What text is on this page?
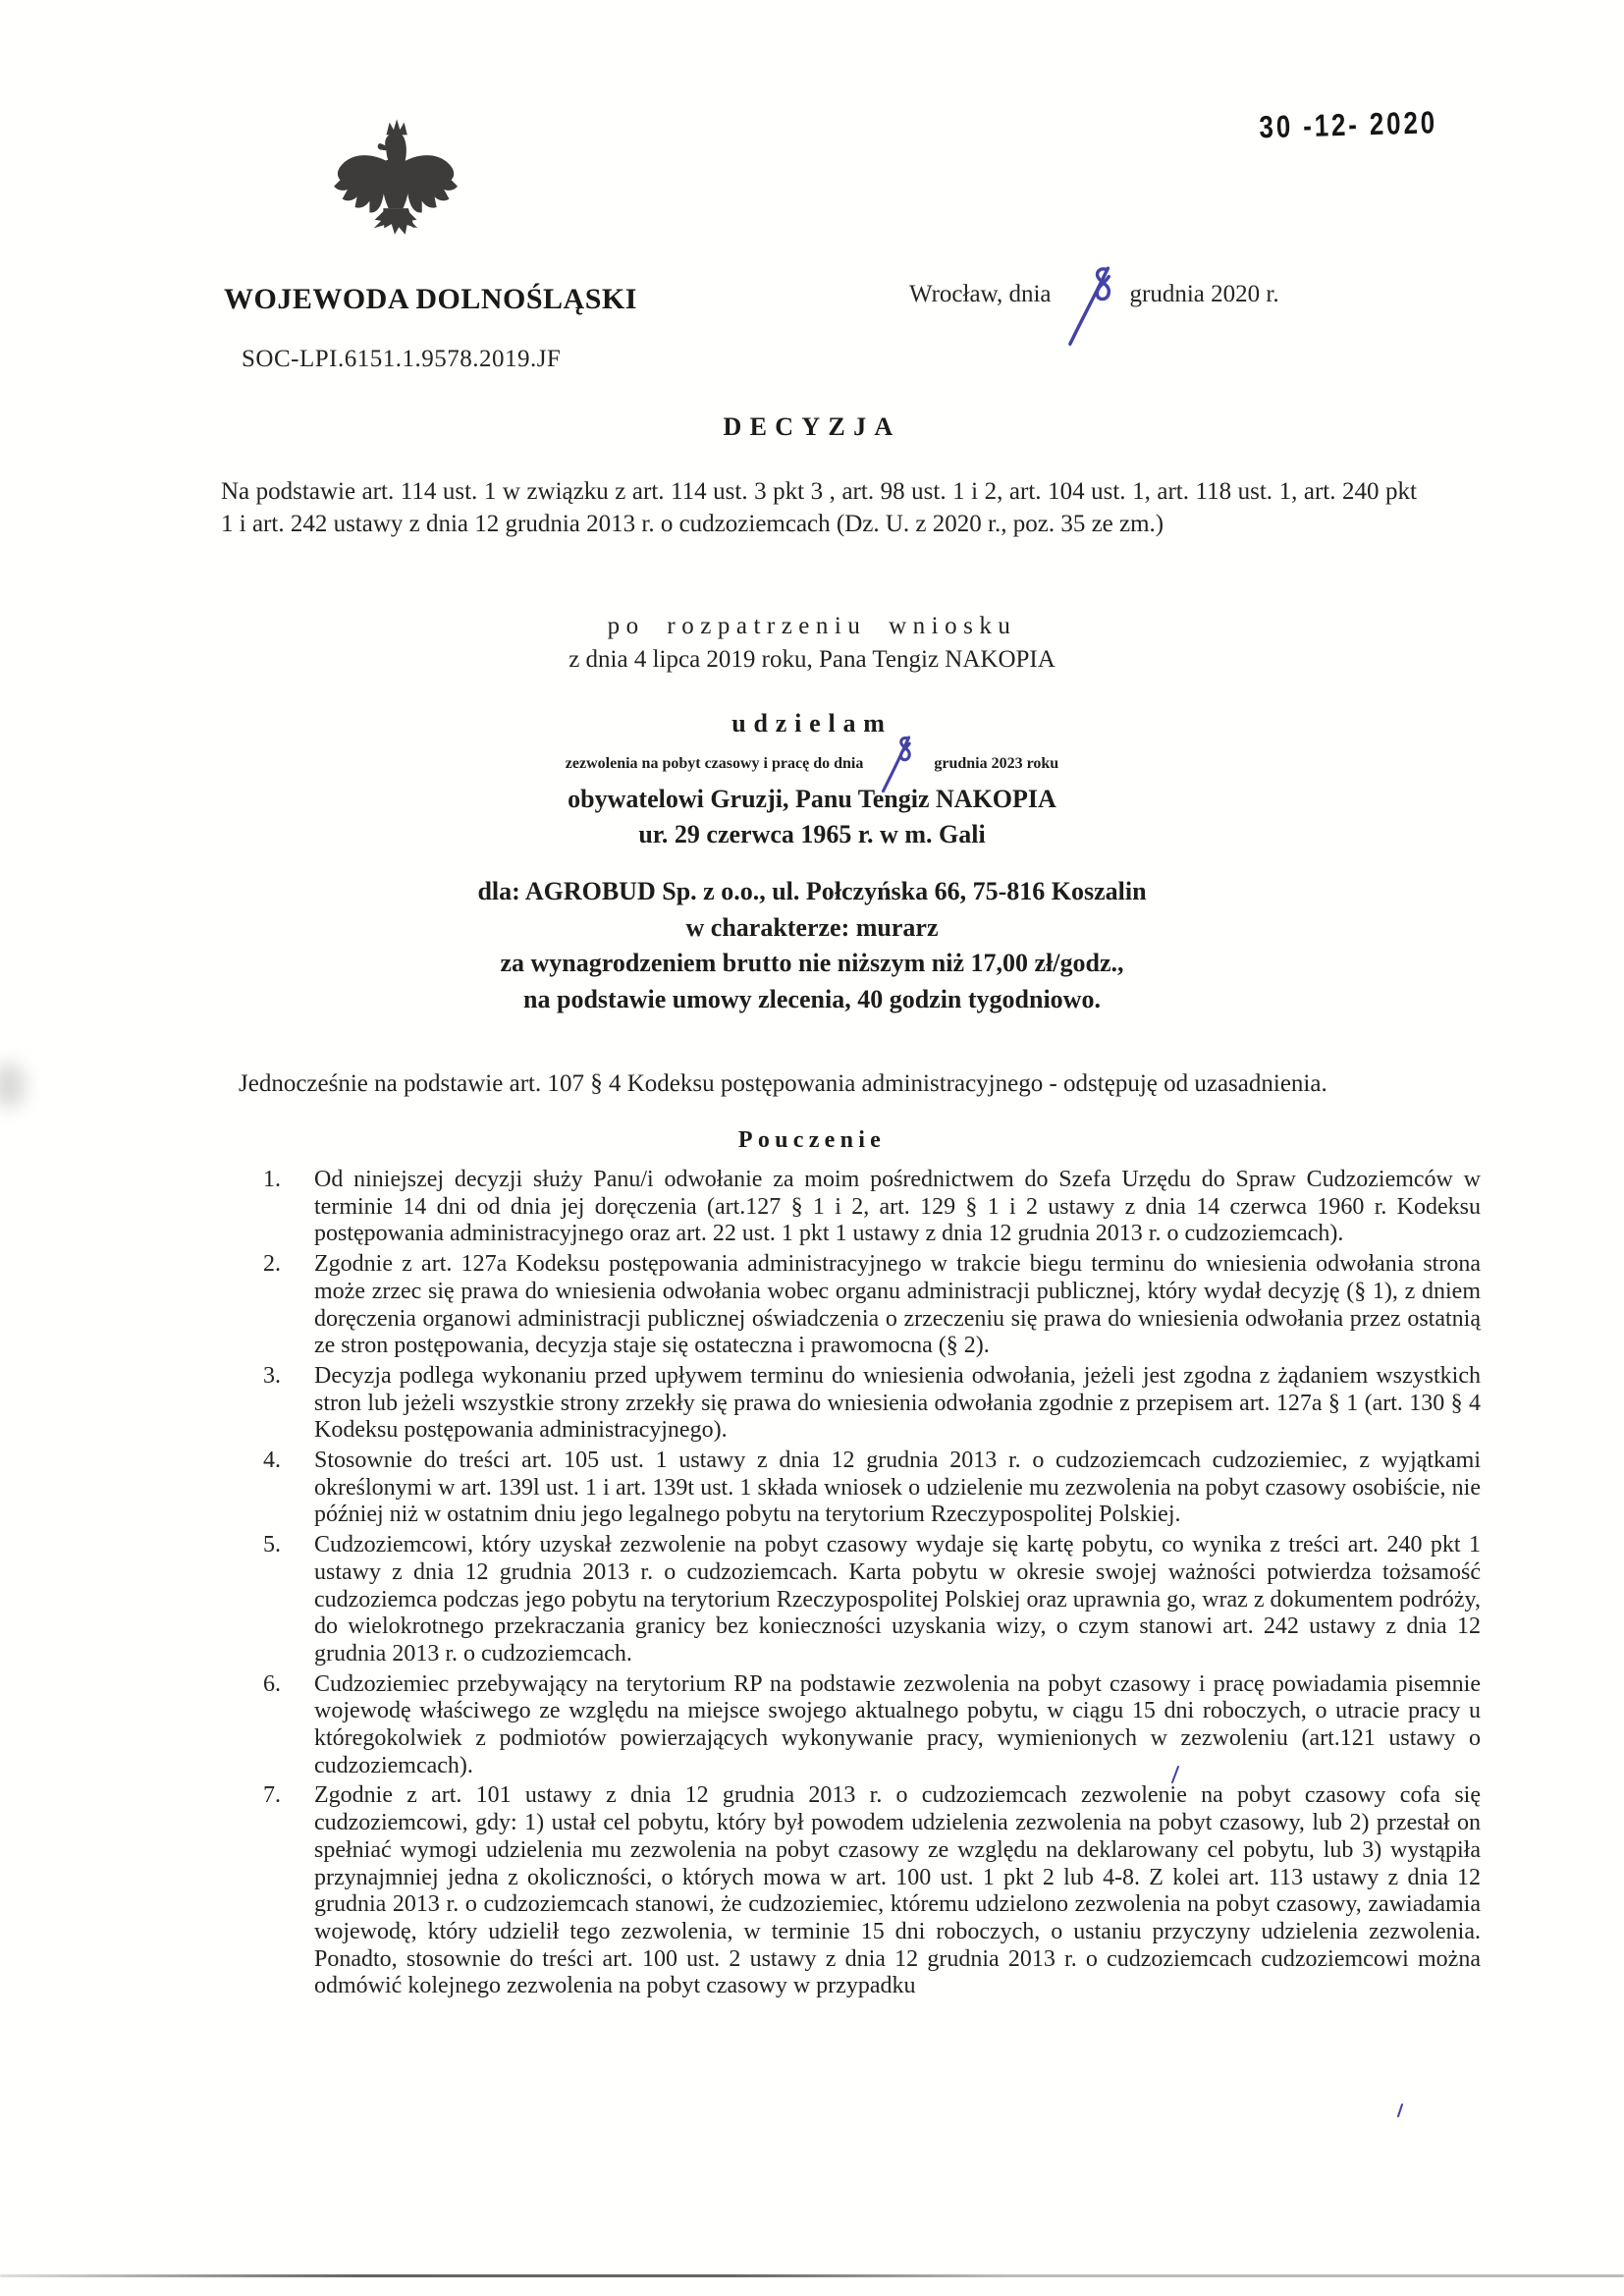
30 -12- 2020
WOJEWODA DOLNOŚLĄSKI
SOC-LPI.6151.1.9578.2019.JF
Wrocław, dnia	grudnia 2020 r.
DECYZJA
Na podstawie art. 114 ust. 1 w związku z art. 114 ust. 3 pkt 3 , art. 98 ust. 1 i 2, art. 104 ust. 1, art. 118 ust. 1, art. 240 pkt 1 i art. 242 ustawy z dnia 12 grudnia 2013 r. o cudzoziemcach (Dz. U. z 2020 r., poz. 35 ze zm.)
po rozpatrzeniu wniosku
z dnia 4 lipca 2019 roku, Pana Tengiz NAKOPIA
udzielam
zezwolenia na pobyt czasowy i pracę do dnia	grudnia 2023 roku
obywatelowi Gruzji, Panu Tengiz NAKOPIA
ur. 29 czerwca 1965 r. w m. Gali
dla: AGROBUD Sp. z o.o., ul. Połczyńska 66, 75-816 Koszalin
w charakterze: murarz
za wynagrodzeniem brutto nie niższym niż 17,00 zł/godz.,
na podstawie umowy zlecenia, 40 godzin tygodniowo.
Jednocześnie na podstawie art. 107 § 4 Kodeksu postępowania administracyjnego - odstępuję od uzasadnienia.
Pouczenie
1.	Od niniejszej decyzji służy Panu/i odwołanie za moim pośrednictwem do Szefa Urzędu do Spraw Cudzoziemców w terminie 14 dni od dnia jej doręczenia (art.127 § 1 i 2, art. 129 § 1 i 2 ustawy z dnia 14 czerwca 1960 r. Kodeksu postępowania administracyjnego oraz art. 22 ust. 1 pkt 1 ustawy z dnia 12 grudnia 2013 r. o cudzoziemcach).
2.	Zgodnie z art. 127a Kodeksu postępowania administracyjnego w trakcie biegu terminu do wniesienia odwołania strona może zrzec się prawa do wniesienia odwołania wobec organu administracji publicznej, który wydał decyzję (§ 1), z dniem doręczenia organowi administracji publicznej oświadczenia o zrzeczeniu się prawa do wniesienia odwołania przez ostatnią ze stron postępowania, decyzja staje się ostateczna i prawomocna (§ 2).
3.	Decyzja podlega wykonaniu przed upływem terminu do wniesienia odwołania, jeżeli jest zgodna z żądaniem wszystkich stron lub jeżeli wszystkie strony zrzekły się prawa do wniesienia odwołania zgodnie z przepisem art. 127a § 1 (art. 130 § 4 Kodeksu postępowania administracyjnego).
4.	Stosownie do treści art. 105 ust. 1 ustawy z dnia 12 grudnia 2013 r. o cudzoziemcach cudzoziemiec, z wyjątkami określonymi w art. 139l ust. 1 i art. 139t ust. 1 składa wniosek o udzielenie mu zezwolenia na pobyt czasowy osobiście, nie później niż w ostatnim dniu jego legalnego pobytu na terytorium Rzeczypospolitej Polskiej.
5.	Cudzoziemcowi, który uzyskał zezwolenie na pobyt czasowy wydaje się kartę pobytu, co wynika z treści art. 240 pkt 1 ustawy z dnia 12 grudnia 2013 r. o cudzoziemcach. Karta pobytu w okresie swojej ważności potwierdza tożsamość cudzoziemca podczas jego pobytu na terytorium Rzeczypospolitej Polskiej oraz uprawnia go, wraz z dokumentem podróży, do wielokrotnego przekraczania granicy bez konieczności uzyskania wizy, o czym stanowi art. 242 ustawy z dnia 12 grudnia 2013 r. o cudzoziemcach.
6.	Cudzoziemiec przebywający na terytorium RP na podstawie zezwolenia na pobyt czasowy i pracę powiadamia pisemnie wojewodę właściwego ze względu na miejsce swojego aktualnego pobytu, w ciągu 15 dni roboczych, o utracie pracy u któregokolwiek z podmiotów powierzających wykonywanie pracy, wymienionych w zezwoleniu (art.121 ustawy o cudzoziemcach).
7.	Zgodnie z art. 101 ustawy z dnia 12 grudnia 2013 r. o cudzoziemcach zezwolenie na pobyt czasowy cofa się cudzoziemcowi, gdy: 1) ustał cel pobytu, który był powodem udzielenia zezwolenia na pobyt czasowy, lub 2) przestał on spełniać wymogi udzielenia mu zezwolenia na pobyt czasowy ze względu na deklarowany cel pobytu, lub 3) wystąpiła przynajmniej jedna z okoliczności, o których mowa w art. 100 ust. 1 pkt 2 lub 4-8. Z kolei art. 113 ustawy z dnia 12 grudnia 2013 r. o cudzoziemcach stanowi, że cudzoziemiec, któremu udzielono zezwolenia na pobyt czasowy, zawiadamia wojewodę, który udzielił tego zezwolenia, w terminie 15 dni roboczych, o ustaniu przyczyny udzielenia zezwolenia. Ponadto, stosownie do treści art. 100 ust. 2 ustawy z dnia 12 grudnia 2013 r. o cudzoziemcach cudzoziemcowi można odmówić kolejnego zezwolenia na pobyt czasowy w przypadku
